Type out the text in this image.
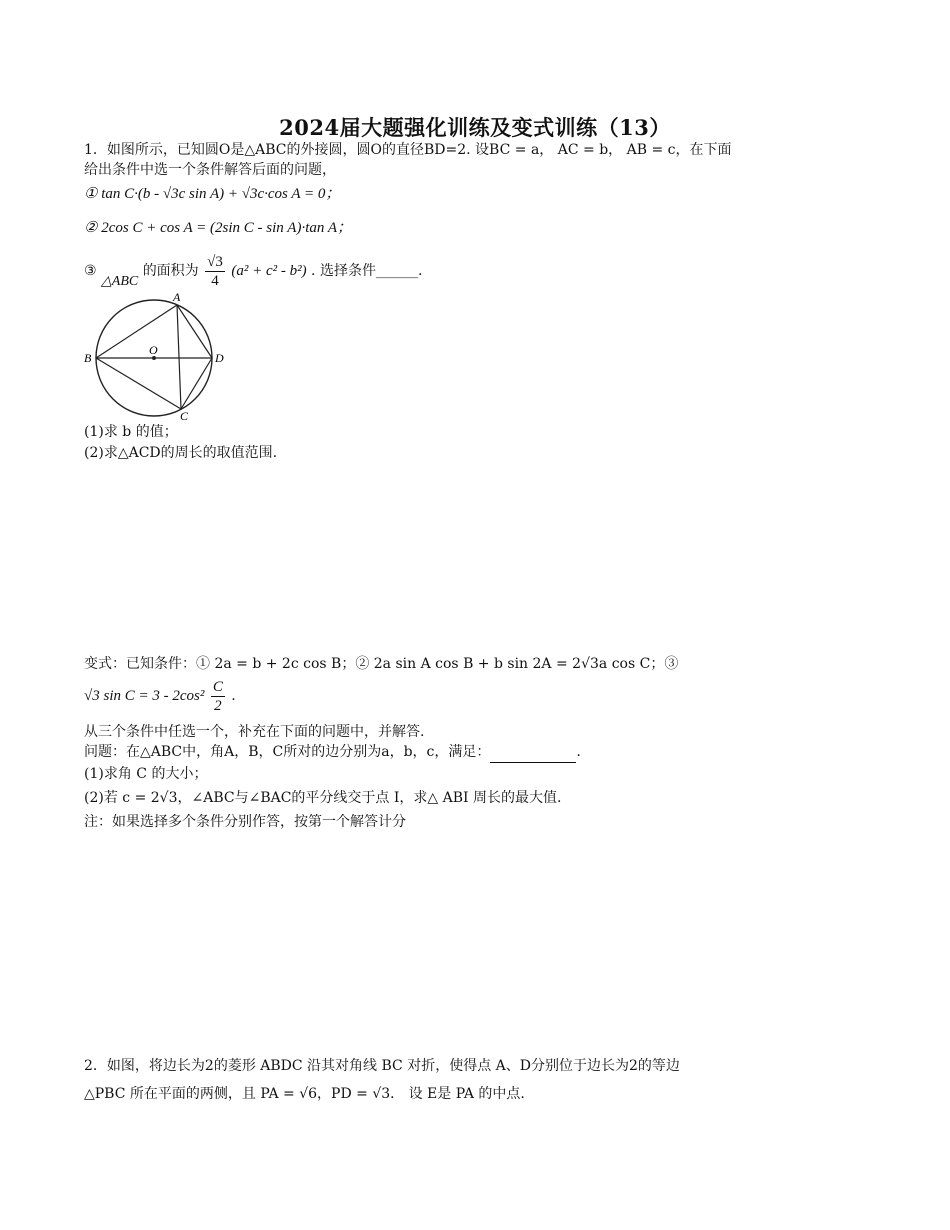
2024届大题强化训练及变式训练（13）
1．如图所示，已知圆O是△ABC的外接圆，圆O的直径BD=2. 设BC = a， AC = b， AB = c，在下面
给出条件中选一个条件解答后面的问题，
① tan C·(b - √3c sin A) + √3c·cos A = 0；
② 2cos C + cos A = (2sin C - sin A)·tan A；
③ △ABC 的面积为 $\frac{√3}{4} (a^2 + c^2 - b^2)$ . 选择条件______.
A
B
C
D
O
(1)求 b 的值；
(2)求△ACD的周长的取值范围.
变式：已知条件：① 2a = b + 2c cos B；② 2a sin A cos B + b sin 2A = 2√3a cos C；③
√3 $\sin C = 3 - 2\cos^2 \frac{C}{2}$ .
从三个条件中任选一个，补充在下面的问题中，并解答.
问题：在△ABC中，角A，B，C所对的边分别为a，b，c，满足：	.
(1)求角 C 的大小；
(2)若 c = 2√3，∠ABC与∠BAC的平分线交于点 I，求△ ABI 周长的最大值.
注：如果选择多个条件分别作答，按第一个解答计分
2．如图，将边长为2的菱形 ABDC 沿其对角线 BC 对折，使得点 A、D分别位于边长为2的等边
△PBC 所在平面的两侧，且 PA = √6，PD = √3． 设 E是 PA 的中点.
